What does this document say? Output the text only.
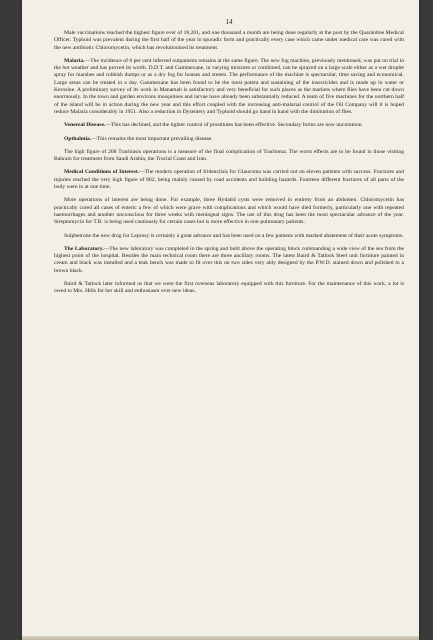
14

Male vaccinations reached the highest figure ever of 18,201, and one thousand a month are being done regularly at the post by the Quarantine Medical Officer. Typhoid was prevalent during the first half of the year in sporadic form and practically every case which came under medical care was cured with the new antibiotic Chloromycetin, which has revolutionised its treatment.

Malaria.—The incidence of 6 per cent infected outpatients remains at the same figure. The new fog machine, previously mentioned, was put on trial in the hot weather and has proved its worth. D.D.T. and Gammexane, in varying mixtures or combined, can be sprayed on a large scale either as a wet droplet spray for marshes and rubbish dumps or as a dry fog for houses and streets. The performance of the machine is spectacular, time saving and economical. Large areas can be treated in a day. Gammexane has been found to be the most potent and sustaining of the insecticides and is made up in water or Kerosine. A preliminary survey of its work in Manamah is satisfactory and very beneficial for such places as the markets where flies have been cut down enormously. In the town and garden environs mosquitoes and larvae have already been substantially reduced. A team of five machines for the northern half of the island will be in action during the new year and this effort coupled with the increasing anti-malarial control of the Oil Company will it is hoped reduce Malaria considerably in 1951. Also a reduction in Dysentery and Typhoid should go hand in hand with the diminution of flies.

Venereal Disease.—This has declined, and the tighter control of prostitutes has been effective. Secondary forms are now uncommon.

Opthalmia.—This remains the most important prevailing disease.

The high figure of 268 Trachiasis operations is a measure of the final complication of Trachoma. The worst effects are to be found in those visiting Bahrain for treatment from Saudi Arabia, the Trucial Coast and Iran.

Medical Conditions of Interest.—The modern operation of Iridenclisis for Glaucoma was carried out on eleven patients with success. Fractures and injuries reached the very high figure of 802, being mainly caused by road accidents and building hazards. Fourteen different fractures of all parts of the body were in at one time.

More operations of interest are being done. For example, three Hydatid cysts were removed in entirety from an abdomen. Chloromycetin has practically cured all cases of enteric a few of which were grave with complications and which would have died formerly, particularly one with repeated haemorrhages and another unconscious for three weeks with meningeal signs. The use of this drug has been the most spectacular advance of the year. Streptomycin for T.B. is being used cautiously for certain cases but is more effective in non-pulmonary patients.

Sulphetrone the new drug for Leprosy is certainly a great advance and has been used on a few patients with marked abatement of their acute symptoms.

The Laboratory.—The new laboratory was completed in the spring and built above the operating block commanding a wide view of the sea from the highest point of the hospital. Besides the main technical room there are three ancillary rooms. The latest Baird & Tatlock Steel unit furniture painted in cream and black was installed and a teak bench was made to fit over this on two sides very ably designed by the P.W.D. stained down and polished to a brown black.

Baird & Tatlock later informed us that we were the first overseas laboratory equipped with this furniture. For the maintenance of this work, a lot is owed to Mrs. Hills for her skill and enthusiasm over new ideas.
